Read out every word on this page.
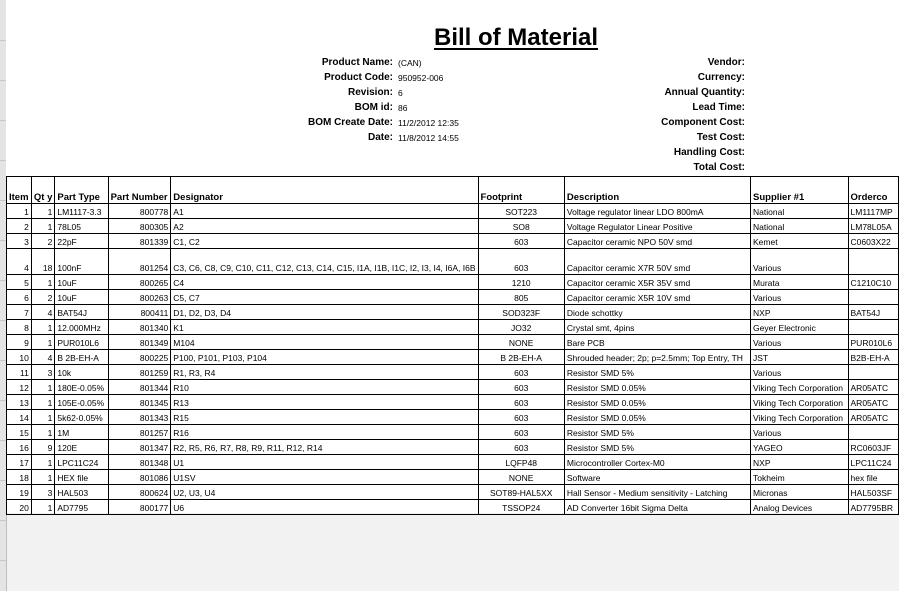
Bill of Material
Product Name: (CAN)
Product Code: 950952-006
Revision: 6
BOM id: 86
BOM Create Date: 11/2/2012 12:35
Date: 11/8/2012 14:55
Vendor:
Currency:
Annual Quantity:
Lead Time:
Component Cost:
Test Cost:
Handling Cost:
Total Cost:
Item	Qt y	Part Type	Part Number	Designator	Footprint	Description	Supplier #1	Orderco
1	1	LM1117-3.3	800778	A1	SOT223	Voltage regulator linear LDO 800mA	National	LM1117MP
2	1	78L05	800305	A2	SO8	Voltage Regulator Linear Positive	National	LM78L05A
3	2	22pF	801339	C1, C2	603	Capacitor ceramic NPO 50V smd	Kemet	C0603X22
4	18	100nF	801254	C3, C6, C8, C9, C10, C11, C12, C13, C14, C15, I1A, I1B, I1C, I2, I3, I4, I6A, I6B	603	Capacitor ceramic X7R 50V smd	Various	
5	1	10uF	800265	C4	1210	Capacitor ceramic X5R 35V smd	Murata	C1210C10
6	2	10uF	800263	C5, C7	805	Capacitor ceramic X5R 10V smd	Various	
7	4	BAT54J	800411	D1, D2, D3, D4	SOD323F	Diode schottky	NXP	BAT54J
8	1	12.000MHz	801340	K1	JO32	Crystal smt, 4pins	Geyer Electronic	
9	1	PUR010L6	801349	M104	NONE	Bare PCB	Various	PUR010L6
10	4	B 2B-EH-A	800225	P100, P101, P103, P104	B 2B-EH-A	Shrouded header; 2p; p=2.5mm; Top Entry, TH	JST	B2B-EH-A
11	3	10k	801259	R1, R3, R4	603	Resistor SMD 5%	Various	
12	1	180E-0.05%	801344	R10	603	Resistor SMD 0.05%	Viking Tech Corporation	AR05ATC
13	1	105E-0.05%	801345	R13	603	Resistor SMD 0.05%	Viking Tech Corporation	AR05ATC
14	1	5k62-0.05%	801343	R15	603	Resistor SMD 0.05%	Viking Tech Corporation	AR05ATC
15	1	1M	801257	R16	603	Resistor SMD 5%	Various	
16	9	120E	801347	R2, R5, R6, R7, R8, R9, R11, R12, R14	603	Resistor SMD 5%	YAGEO	RC0603JF
17	1	LPC11C24	801348	U1	LQFP48	Microcontroller Cortex-M0	NXP	LPC11C24
18	1	HEX file	801086	U1SV	NONE	Software	Tokheim	hex file
19	3	HAL503	800624	U2, U3, U4	SOT89-HAL5XX	Hall Sensor - Medium sensitivity - Latching	Micronas	HAL503SF
20	1	AD7795	800177	U6	TSSOP24	AD Converter 16bit Sigma Delta	Analog Devices	AD7795BR
